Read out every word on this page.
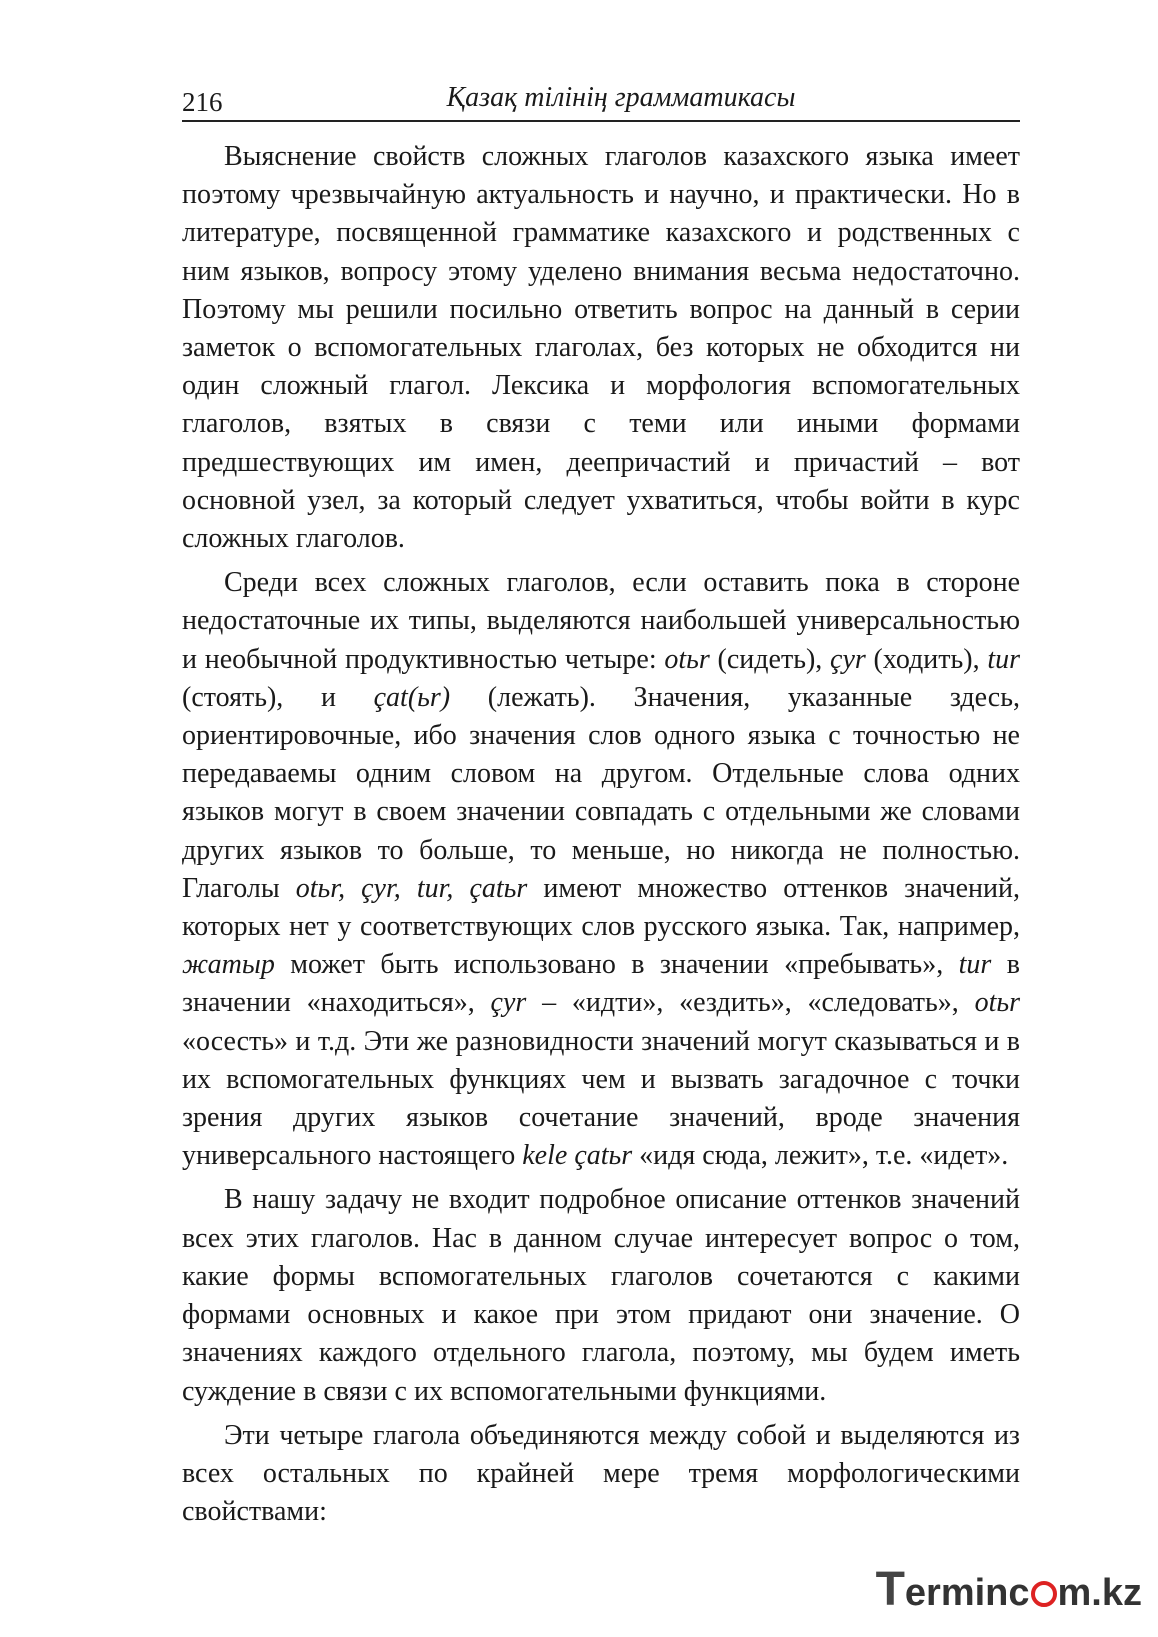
216	Қазақ тілінің грамматикасы

Выяснение свойств сложных глаголов казахского языка имеет поэтому чрезвычайную актуальность и научно, и практически. Но в литературе, посвященной грамматике казахского и родственных с ним языков, вопросу этому уделено внимания весьма недостаточно. Поэтому мы решили посильно ответить вопрос на данный в серии заметок о вспомогательных глаголах, без которых не обходится ни один сложный глагол. Лексика и морфология вспомогательных глаголов, взятых в связи с теми или иными формами предшествующих им имен, деепричастий и причастий – вот основной узел, за который следует ухватиться, чтобы войти в курс сложных глаголов.

Среди всех сложных глаголов, если оставить пока в стороне недостаточные их типы, выделяются наибольшей универсальностью и необычной продуктивностью четыре: otьr (сидеть), çyr (ходить), tur (стоять), и çat(ьr) (лежать). Значения, указанные здесь, ориентировочные, ибо значения слов одного языка с точностью не передаваемы одним словом на другом. Отдельные слова одних языков могут в своем значении совпадать с отдельными же словами других языков то больше, то меньше, но никогда не полностью. Глаголы otьr, çyr, tur, çatьr имеют множество оттенков значений, которых нет у соответствующих слов русского языка. Так, например, жатыр может быть использовано в значении «пребывать», tur в значении «находиться», çyr – «идти», «ездить», «следовать», otьr «осесть» и т.д. Эти же разновидности значений могут сказываться и в их вспомогательных функциях чем и вызвать загадочное с точки зрения других языков сочетание значений, вроде значения универсального настоящего kele çatьr «идя сюда, лежит», т.е. «идет».

В нашу задачу не входит подробное описание оттенков значений всех этих глаголов. Нас в данном случае интересует вопрос о том, какие формы вспомогательных глаголов сочетаются с какими формами основных и какое при этом придают они значение. О значениях каждого отдельного глагола, поэтому, мы будем иметь суждение в связи с их вспомогательными функциями.

Эти четыре глагола объединяются между собой и выделяются из всех остальных по крайней мере тремя морфологическими свойствами:

Terminc m.kz
